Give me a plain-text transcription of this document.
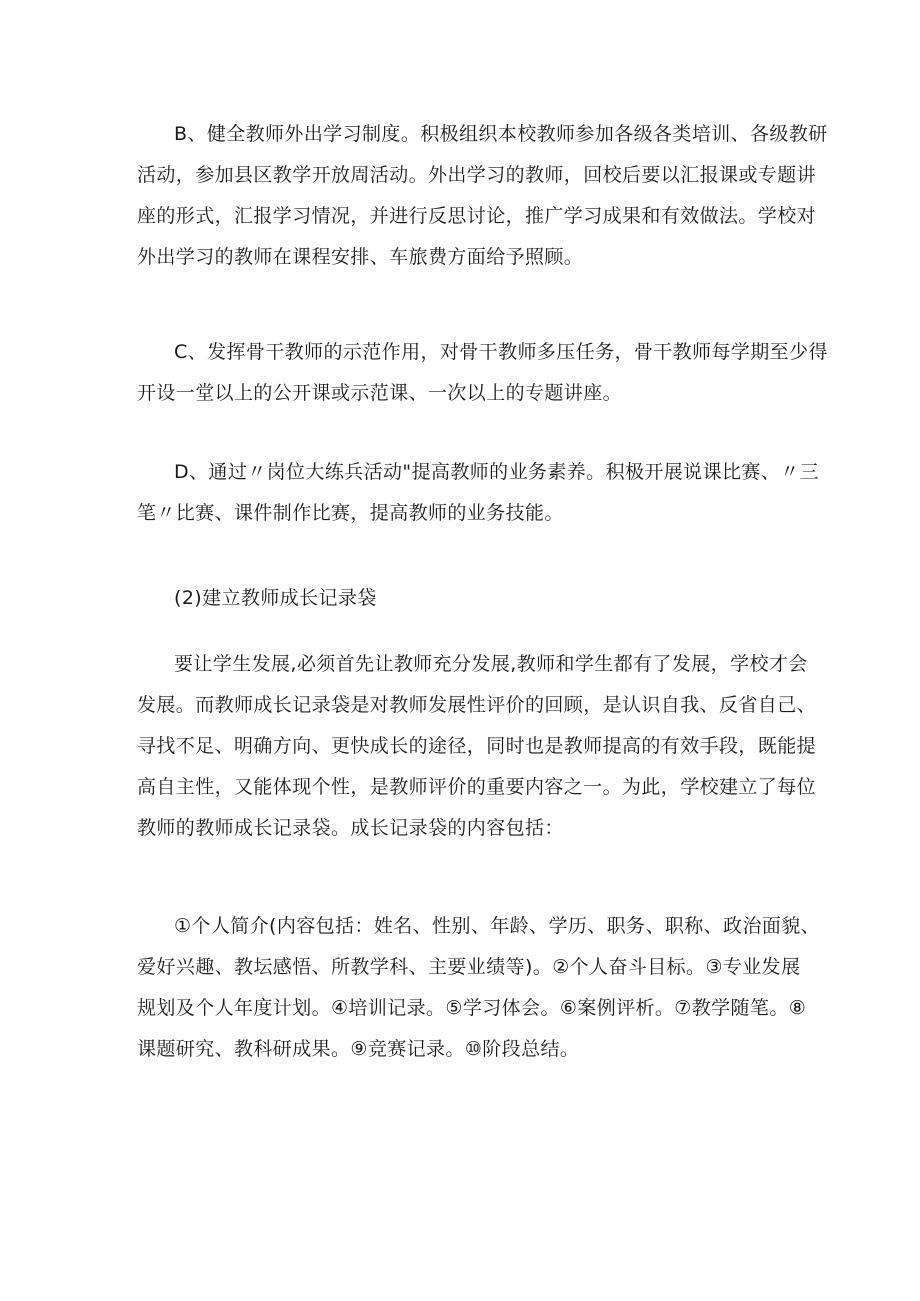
B、健全教师外出学习制度。积极组织本校教师参加各级各类培训、各级教研
活动，参加县区教学开放周活动。外出学习的教师，回校后要以汇报课或专题讲
座的形式，汇报学习情况，并进行反思讨论，推广学习成果和有效做法。学校对
外出学习的教师在课程安排、车旅费方面给予照顾。

C、发挥骨干教师的示范作用，对骨干教师多压任务，骨干教师每学期至少得
开设一堂以上的公开课或示范课、一次以上的专题讲座。

D、通过〃岗位大练兵活动"提高教师的业务素养。积极开展说课比赛、〃三
笔〃比赛、课件制作比赛，提高教师的业务技能。

(2)建立教师成长记录袋

要让学生发展,必须首先让教师充分发展,教师和学生都有了发展，学校才会
发展。而教师成长记录袋是对教师发展性评价的回顾，是认识自我、反省自己、
寻找不足、明确方向、更快成长的途径，同时也是教师提高的有效手段，既能提
高自主性，又能体现个性，是教师评价的重要内容之一。为此，学校建立了每位
教师的教师成长记录袋。成长记录袋的内容包括：

①个人简介(内容包括：姓名、性别、年龄、学历、职务、职称、政治面貌、
爱好兴趣、教坛感悟、所教学科、主要业绩等)。②个人奋斗目标。③专业发展
规划及个人年度计划。④培训记录。⑤学习体会。⑥案例评析。⑦教学随笔。⑧
课题研究、教科研成果。⑨竞赛记录。⑩阶段总结。
